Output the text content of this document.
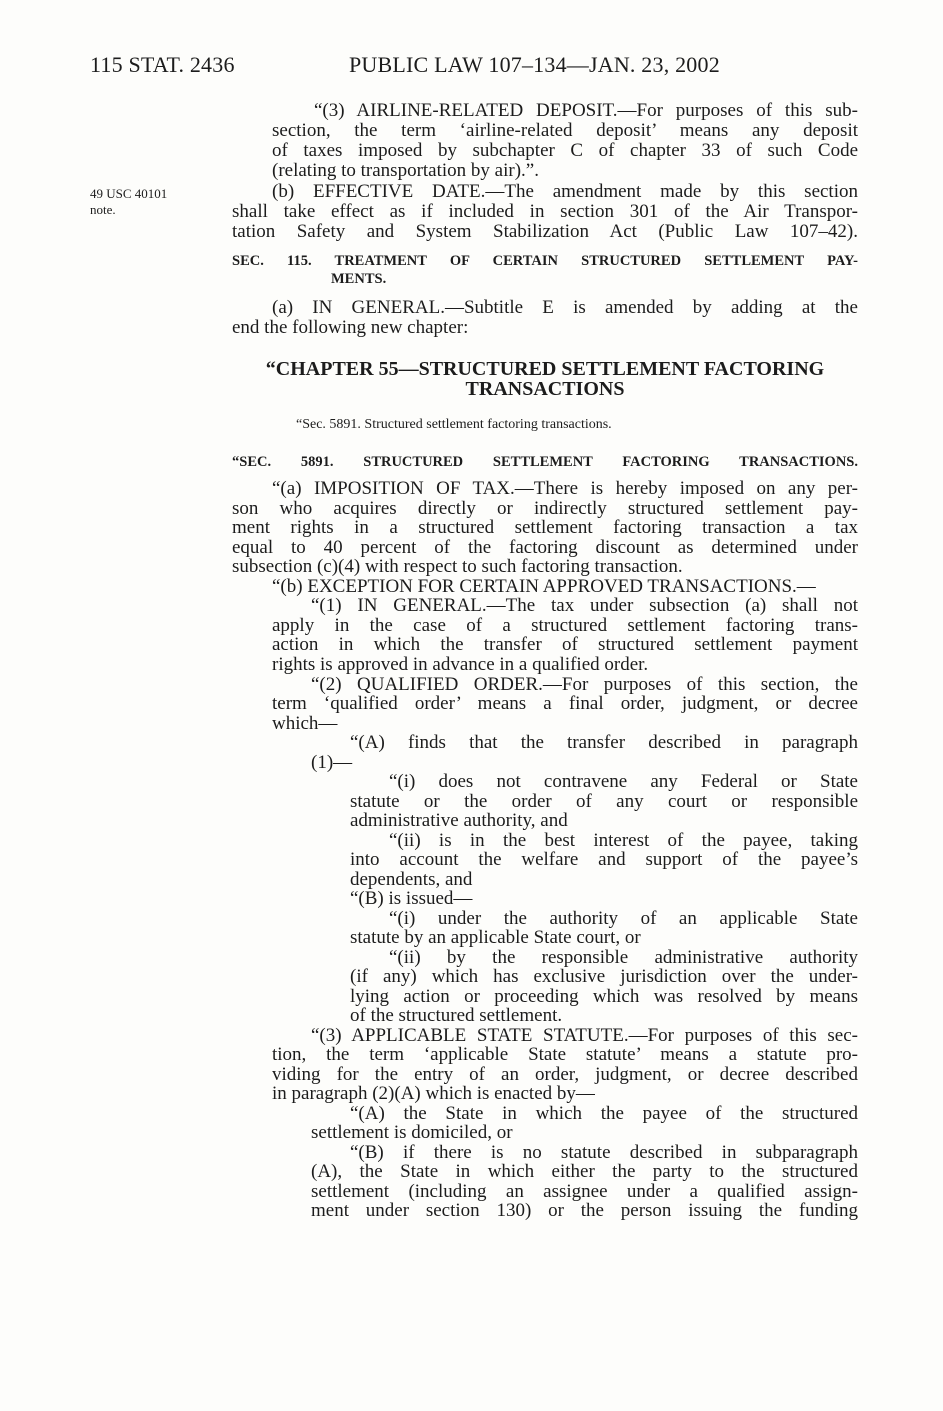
115 STAT. 2436	PUBLIC LAW 107–134—JAN. 23, 2002
49 USC 40101
note.
“(3) AIRLINE-RELATED DEPOSIT.—For purposes of this sub-
section, the term ‘airline-related deposit’ means any deposit
of taxes imposed by subchapter C of chapter 33 of such Code
(relating to transportation by air).”.
(b) EFFECTIVE DATE.—The amendment made by this section
shall take effect as if included in section 301 of the Air Transpor-
tation Safety and System Stabilization Act (Public Law 107–42).
SEC. 115. TREATMENT OF CERTAIN STRUCTURED SETTLEMENT PAY-
MENTS.
(a) IN GENERAL.—Subtitle E is amended by adding at the
end the following new chapter:
“CHAPTER 55—STRUCTURED SETTLEMENT FACTORING
TRANSACTIONS
“Sec. 5891. Structured settlement factoring transactions.
“SEC. 5891. STRUCTURED SETTLEMENT FACTORING TRANSACTIONS.
“(a) IMPOSITION OF TAX.—There is hereby imposed on any per-
son who acquires directly or indirectly structured settlement pay-
ment rights in a structured settlement factoring transaction a tax
equal to 40 percent of the factoring discount as determined under
subsection (c)(4) with respect to such factoring transaction.
“(b) EXCEPTION FOR CERTAIN APPROVED TRANSACTIONS.—
“(1) IN GENERAL.—The tax under subsection (a) shall not
apply in the case of a structured settlement factoring trans-
action in which the transfer of structured settlement payment
rights is approved in advance in a qualified order.
“(2) QUALIFIED ORDER.—For purposes of this section, the
term ‘qualified order’ means a final order, judgment, or decree
which—
“(A) finds that the transfer described in paragraph
(1)—
“(i) does not contravene any Federal or State
statute or the order of any court or responsible
administrative authority, and
“(ii) is in the best interest of the payee, taking
into account the welfare and support of the payee’s
dependents, and
“(B) is issued—
“(i) under the authority of an applicable State
statute by an applicable State court, or
“(ii) by the responsible administrative authority
(if any) which has exclusive jurisdiction over the under-
lying action or proceeding which was resolved by means
of the structured settlement.
“(3) APPLICABLE STATE STATUTE.—For purposes of this sec-
tion, the term ‘applicable State statute’ means a statute pro-
viding for the entry of an order, judgment, or decree described
in paragraph (2)(A) which is enacted by—
“(A) the State in which the payee of the structured
settlement is domiciled, or
“(B) if there is no statute described in subparagraph
(A), the State in which either the party to the structured
settlement (including an assignee under a qualified assign-
ment under section 130) or the person issuing the funding
